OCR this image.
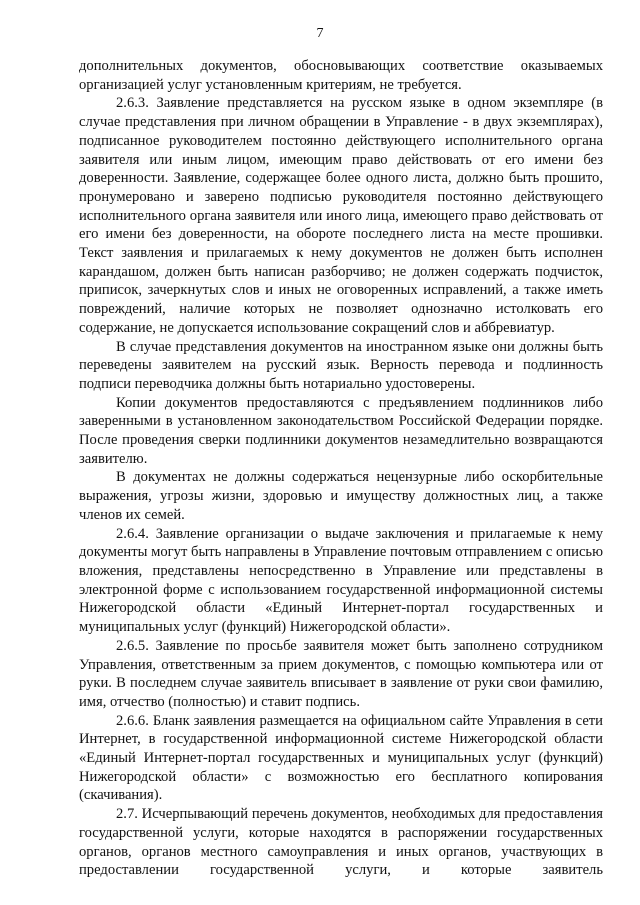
7

дополнительных документов, обосновывающих соответствие оказываемых организацией услуг установленным критериям, не требуется.

2.6.3. Заявление представляется на русском языке в одном экземпляре (в случае представления при личном обращении в Управление - в двух экземплярах), подписанное руководителем постоянно действующего исполнительного органа заявителя или иным лицом, имеющим право действовать от его имени без доверенности. Заявление, содержащее более одного листа, должно быть прошито, пронумеровано и заверено подписью руководителя постоянно действующего исполнительного органа заявителя или иного лица, имеющего право действовать от его имени без доверенности, на обороте последнего листа на месте прошивки. Текст заявления и прилагаемых к нему документов не должен быть исполнен карандашом, должен быть написан разборчиво; не должен содержать подчисток, приписок, зачеркнутых слов и иных не оговоренных исправлений, а также иметь повреждений, наличие которых не позволяет однозначно истолковать его содержание, не допускается использование сокращений слов и аббревиатур.

В случае представления документов на иностранном языке они должны быть переведены заявителем на русский язык. Верность перевода и подлинность подписи переводчика должны быть нотариально удостоверены.

Копии документов предоставляются с предъявлением подлинников либо заверенными в установленном законодательством Российской Федерации порядке. После проведения сверки подлинники документов незамедлительно возвращаются заявителю.

В документах не должны содержаться нецензурные либо оскорбительные выражения, угрозы жизни, здоровью и имуществу должностных лиц, а также членов их семей.

2.6.4. Заявление организации о выдаче заключения и прилагаемые к нему документы могут быть направлены в Управление почтовым отправлением с описью вложения, представлены непосредственно в Управление или представлены в электронной форме с использованием государственной информационной системы Нижегородской области «Единый Интернет-портал государственных и муниципальных услуг (функций) Нижегородской области».

2.6.5. Заявление по просьбе заявителя может быть заполнено сотрудником Управления, ответственным за прием документов, с помощью компьютера или от руки. В последнем случае заявитель вписывает в заявление от руки свои фамилию, имя, отчество (полностью) и ставит подпись.

2.6.6. Бланк заявления размещается на официальном сайте Управления в сети Интернет, в государственной информационной системе Нижегородской области «Единый Интернет-портал государственных и муниципальных услуг (функций) Нижегородской области» с возможностью его бесплатного копирования (скачивания).

2.7. Исчерпывающий перечень документов, необходимых для предоставления государственной услуги, которые находятся в распоряжении государственных органов, органов местного самоуправления и иных органов, участвующих в предоставлении государственной услуги, и которые заявитель
